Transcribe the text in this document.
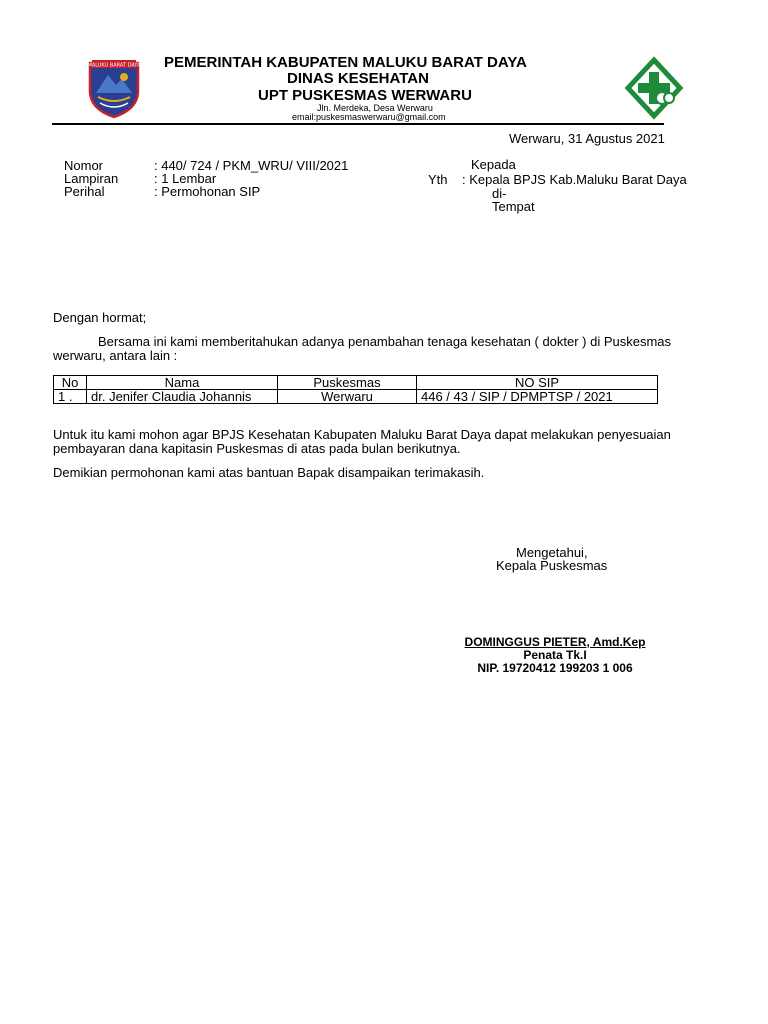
MALUKU BARAT DAYA PEMERINTAH KABUPATEN MALUKU BARAT DAYA
DINAS KESEHATAN
UPT PUSKESMAS WERWARU
Jln. Merdeka, Desa Werwaru
email:puskesmaswerwaru@gmail.com
Werwaru, 31 Agustus 2021
Nomor	: 440/ 724 / PKM_WRU/ VIII/2021
Lampiran	: 1 Lembar
Perihal	: Permohonan SIP
Kepada
Yth : Kepala BPJS Kab.Maluku Barat Daya
di-
Tempat
Dengan hormat;
Bersama ini kami memberitahukan adanya penambahan tenaga kesehatan ( dokter ) di Puskesmas
werwaru, antara lain :
No	Nama	Puskesmas	NO SIP
1 .	dr. Jenifer Claudia Johannis	Werwaru	446 / 43 / SIP / DPMPTSP / 2021
Untuk itu kami mohon agar BPJS Kesehatan Kabupaten Maluku Barat Daya dapat melakukan penyesuaian
pembayaran dana kapitasin Puskesmas di atas pada bulan berikutnya.
Demikian permohonan kami atas bantuan Bapak disampaikan terimakasih.
Mengetahui,
Kepala Puskesmas
DOMINGGUS PIETER, Amd.Kep
Penata Tk.I
NIP. 19720412 199203 1 006
